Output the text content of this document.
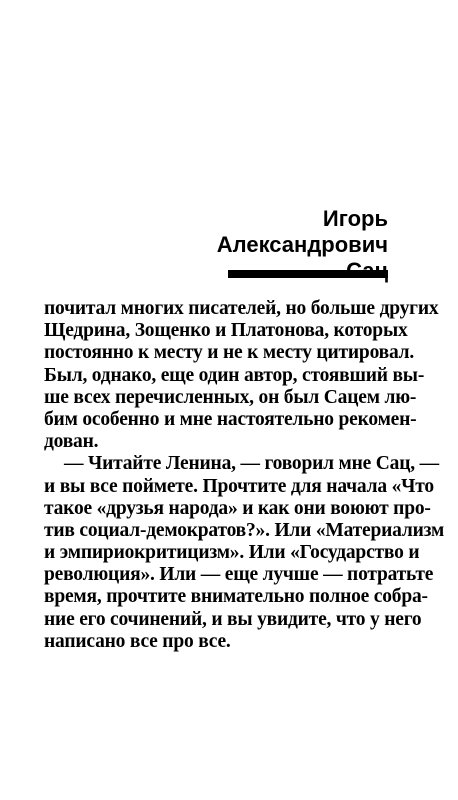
Игорь
Александрович
почитал многих писателей, но больше других
Щедрина, Зощенко и Платонова, которых
постоянно к месту и не к месту цитировал.
Был, однако, еще один автор, стоявший вы-
ше всех перечисленных, он был Сацем лю-
бим особенно и мне настоятельно рекомен-
дован.
— Читайте Ленина, — говорил мне Сац, —
и вы все поймете. Прочтите для начала «Что
такое «друзья народа» и как они воюют про-
тив социал-демократов?». Или «Материализм
и эмпириокритицизм». Или «Государство и
революция». Или — еще лучше — потратьте
время, прочтите внимательно полное собра-
ние его сочинений, и вы увидите, что у него
написано все про все.
